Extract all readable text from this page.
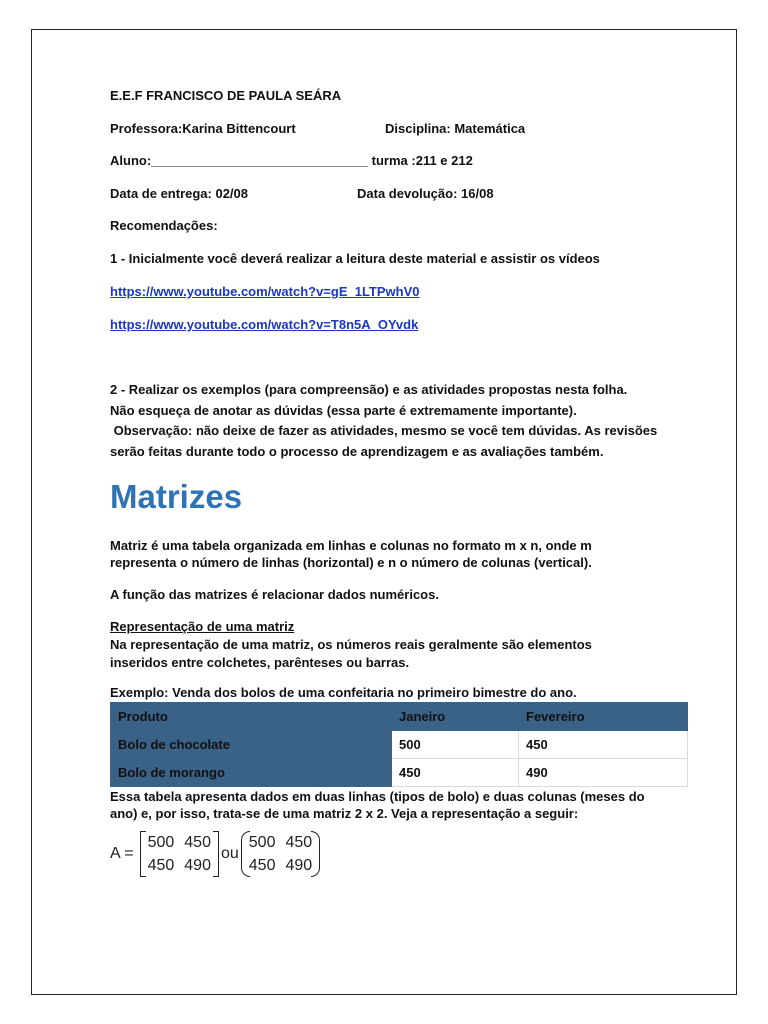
E.E.F FRANCISCO DE PAULA SEÁRA
Professora:Karina Bittencourt	Disciplina: Matemática
Aluno:______________________________ turma :211 e 212
Data de entrega: 02/08	Data devolução: 16/08
Recomendações:
1 - Inicialmente você deverá realizar a leitura deste material e assistir os vídeos
https://www.youtube.com/watch?v=gE_1LTPwhV0
https://www.youtube.com/watch?v=T8n5A_OYvdk
2 - Realizar os exemplos (para compreensão) e as atividades propostas nesta folha.
Não esqueça de anotar as dúvidas (essa parte é extremamente importante).
Observação: não deixe de fazer as atividades, mesmo se você tem dúvidas. As revisões
serão feitas durante todo o processo de aprendizagem e as avaliações também.
Matrizes
Matriz é uma tabela organizada em linhas e colunas no formato m x n, onde m
representa o número de linhas (horizontal) e n o número de colunas (vertical).
A função das matrizes é relacionar dados numéricos.
Representação de uma matriz
Na representação de uma matriz, os números reais geralmente são elementos
inseridos entre colchetes, parênteses ou barras.
Exemplo: Venda dos bolos de uma confeitaria no primeiro bimestre do ano.
Produto	Janeiro	Fevereiro
Bolo de chocolate	500	450
Bolo de morango	450	490
Essa tabela apresenta dados em duas linhas (tipos de bolo) e duas colunas (meses do
ano) e, por isso, trata-se de uma matriz 2 x 2. Veja a representação a seguir:
A =
500 450
450 490
ou
500 450
450 490
